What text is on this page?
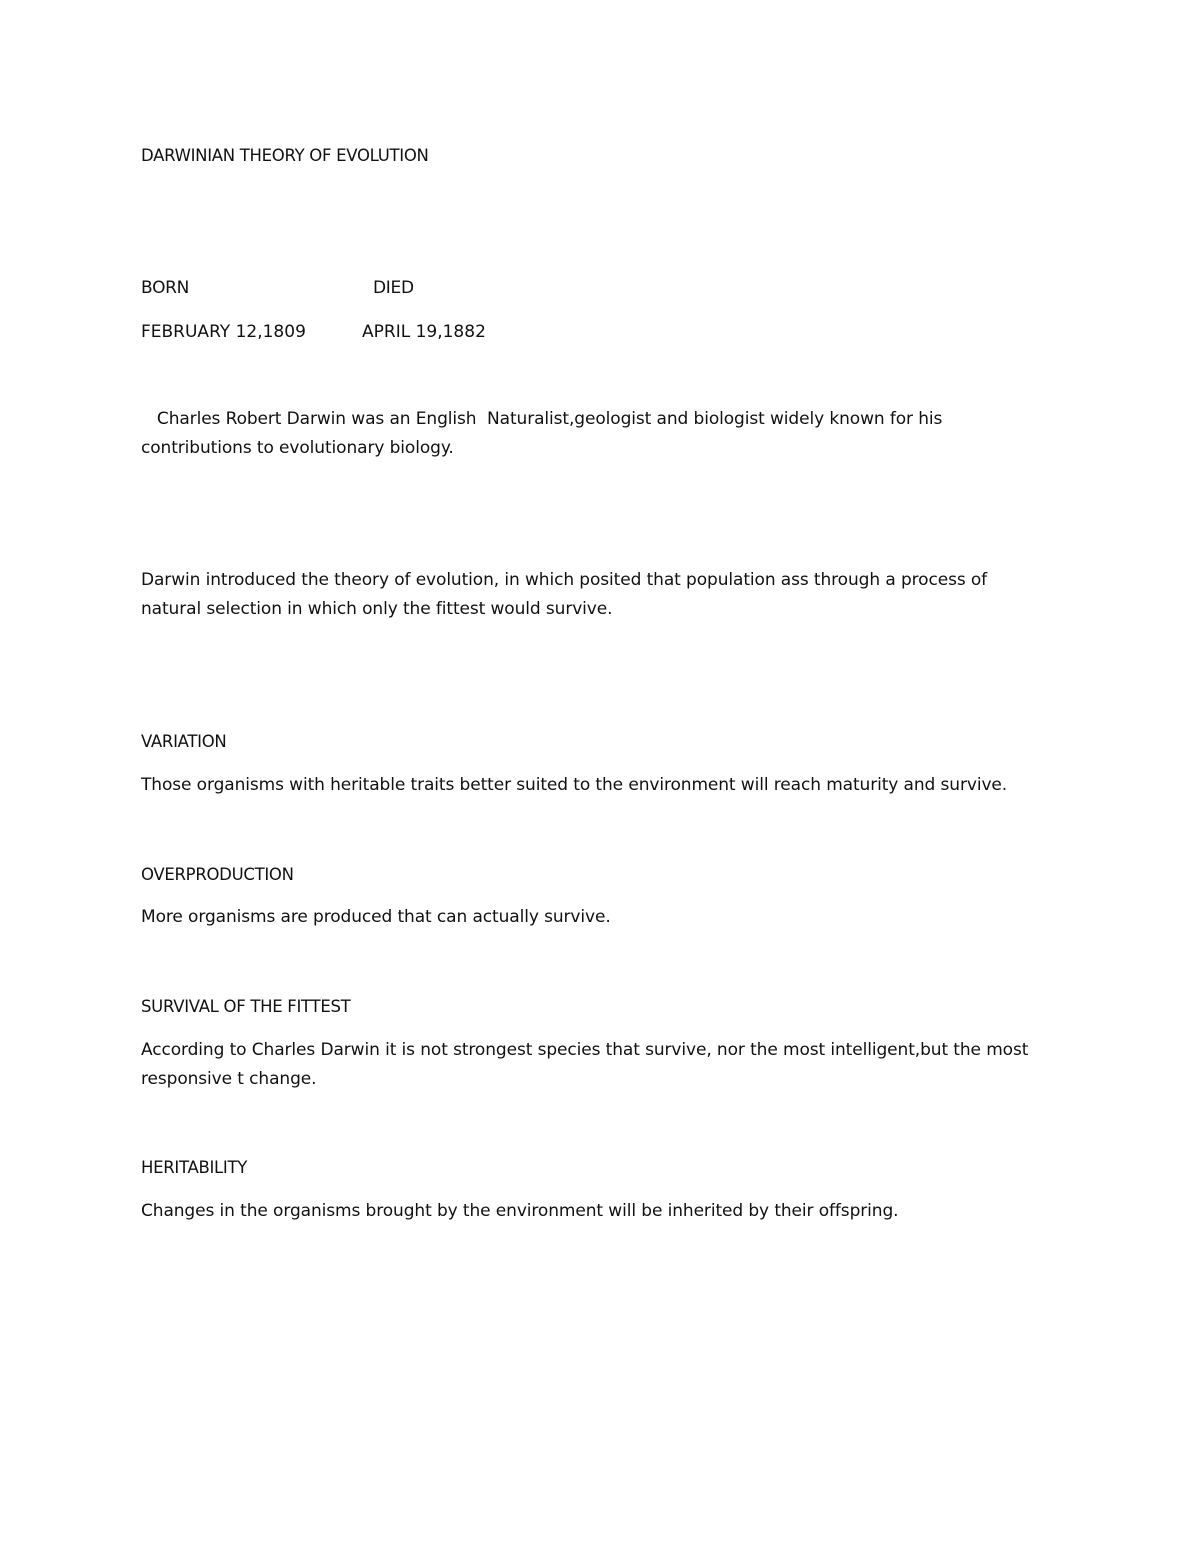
DARWINIAN THEORY OF EVOLUTION
BORN	DIED
FEBRUARY 12,1809	APRIL 19,1882
Charles Robert Darwin was an English  Naturalist,geologist and biologist widely known for his contributions to evolutionary biology.
Darwin introduced the theory of evolution, in which posited that population ass through a process of natural selection in which only the fittest would survive.
VARIATION
Those organisms with heritable traits better suited to the environment will reach maturity and survive.
OVERPRODUCTION
More organisms are produced that can actually survive.
SURVIVAL OF THE FITTEST
According to Charles Darwin it is not strongest species that survive, nor the most intelligent,but the most responsive t change.
HERITABILITY
Changes in the organisms brought by the environment will be inherited by their offspring.
